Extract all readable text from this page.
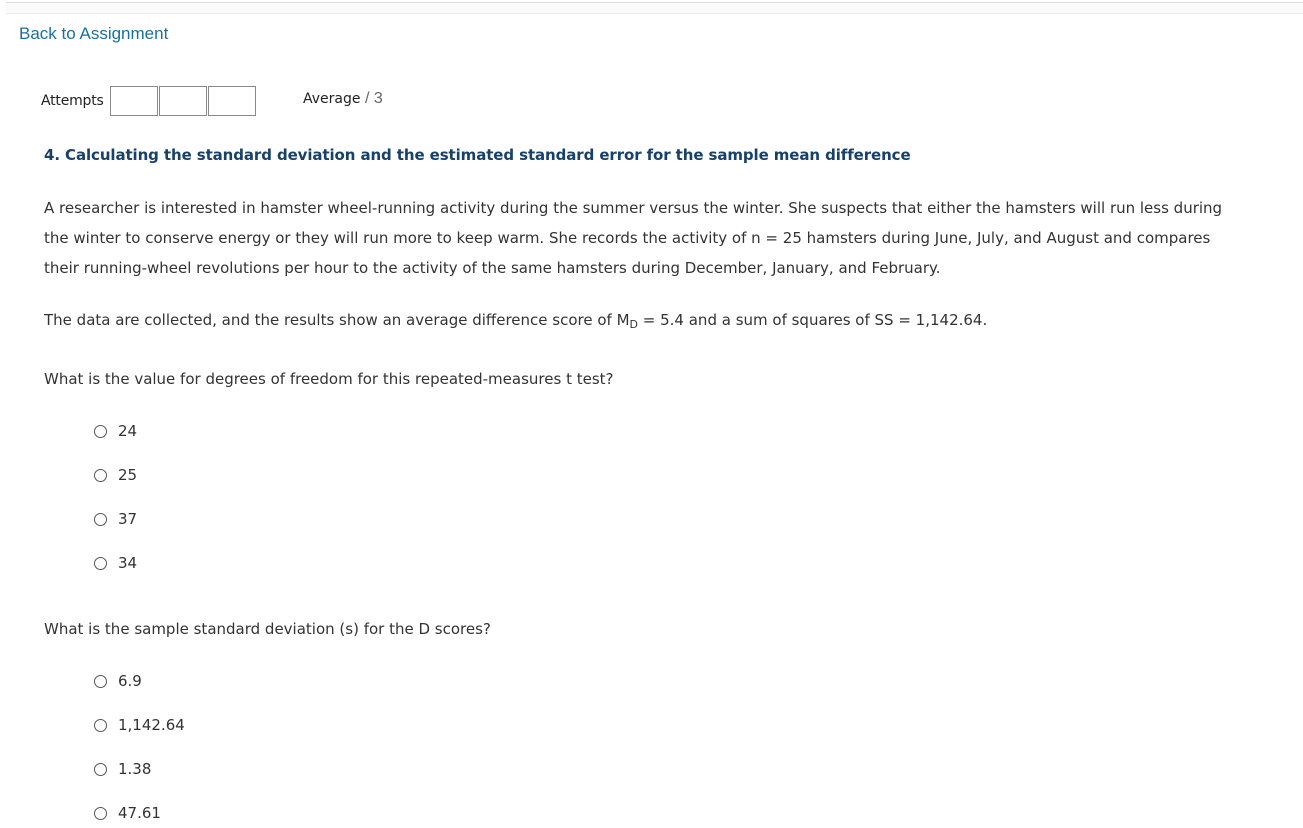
Back to Assignment
Attempts	Average / 3
4. Calculating the standard deviation and the estimated standard error for the sample mean difference
A researcher is interested in hamster wheel-running activity during the summer versus the winter. She suspects that either the hamsters will run less during the winter to conserve energy or they will run more to keep warm. She records the activity of n = 25 hamsters during June, July, and August and compares their running-wheel revolutions per hour to the activity of the same hamsters during December, January, and February.
The data are collected, and the results show an average difference score of $M_D = 5.4$ and a sum of squares of SS = 1,142.64.
What is the value for degrees of freedom for this repeated-measures t test?
24
25
37
34
What is the sample standard deviation (s) for the D scores?
6.9
1,142.64
1.38
47.61
